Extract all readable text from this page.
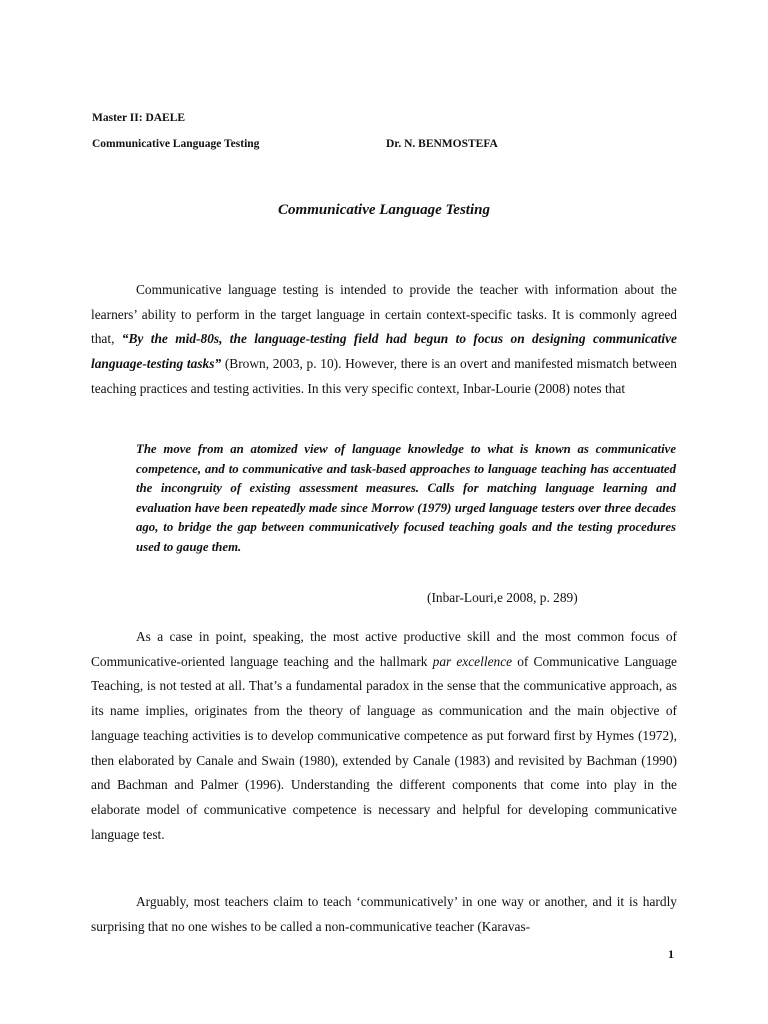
Master II: DAELE
Communicative Language Testing	Dr. N. BENMOSTEFA
Communicative Language Testing

Communicative language testing is intended to provide the teacher with information about the learners’ ability to perform in the target language in certain context-specific tasks. It is commonly agreed that, “By the mid-80s, the language-testing field had begun to focus on designing communicative language-testing tasks” (Brown, 2003, p. 10). However, there is an overt and manifested mismatch between teaching practices and testing activities. In this very specific context, Inbar-Lourie (2008) notes that

The move from an atomized view of language knowledge to what is known as communicative competence, and to communicative and task-based approaches to language teaching has accentuated the incongruity of existing assessment measures. Calls for matching language learning and evaluation have been repeatedly made since Morrow (1979) urged language testers over three decades ago, to bridge the gap between communicatively focused teaching goals and the testing procedures used to gauge them.
(Inbar-Louri,e 2008, p. 289)

As a case in point, speaking, the most active productive skill and the most common focus of Communicative-oriented language teaching and the hallmark par excellence of Communicative Language Teaching, is not tested at all. That’s a fundamental paradox in the sense that the communicative approach, as its name implies, originates from the theory of language as communication and the main objective of language teaching activities is to develop communicative competence as put forward first by Hymes (1972), then elaborated by Canale and Swain (1980), extended by Canale (1983) and revisited by Bachman (1990) and Bachman and Palmer (1996). Understanding the different components that come into play in the elaborate model of communicative competence is necessary and helpful for developing communicative language test.

Arguably, most teachers claim to teach ‘communicatively’ in one way or another, and it is hardly surprising that no one wishes to be called a non-communicative teacher (Karavas-

1
